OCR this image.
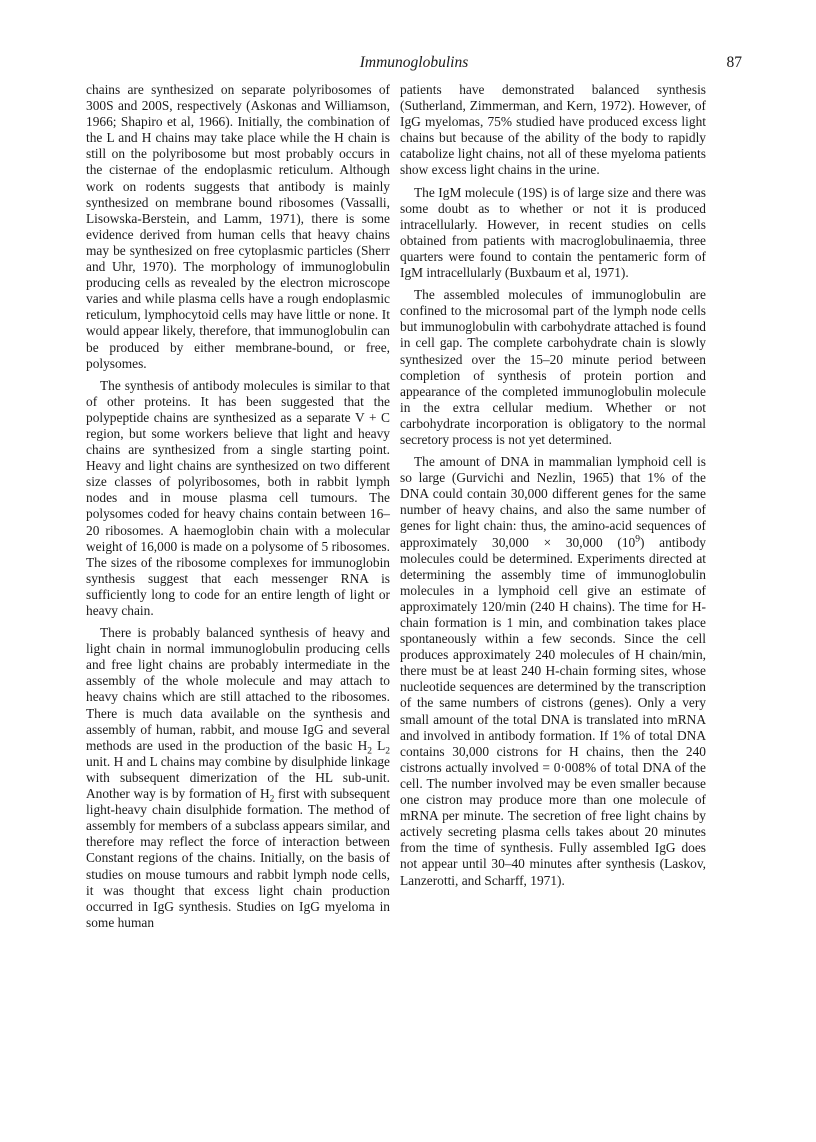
Immunoglobulins	87

chains are synthesized on separate polyribosomes of 300S and 200S, respectively (Askonas and Williamson, 1966; Shapiro et al, 1966). Initially, the combination of the L and H chains may take place while the H chain is still on the polyribosome but most probably occurs in the cisternae of the endoplasmic reticulum. Although work on rodents suggests that antibody is mainly synthesized on membrane bound ribosomes (Vassalli, Lisowska-Berstein, and Lamm, 1971), there is some evidence derived from human cells that heavy chains may be synthesized on free cytoplasmic particles (Sherr and Uhr, 1970). The morphology of immunoglobulin producing cells as revealed by the electron microscope varies and while plasma cells have a rough endoplasmic reticulum, lymphocytoid cells may have little or none. It would appear likely, therefore, that immunoglobulin can be produced by either membrane-bound, or free, polysomes.

The synthesis of antibody molecules is similar to that of other proteins. It has been suggested that the polypeptide chains are synthesized as a separate V + C region, but some workers believe that light and heavy chains are synthesized from a single starting point. Heavy and light chains are synthesized on two different size classes of polyribosomes, both in rabbit lymph nodes and in mouse plasma cell tumours. The polysomes coded for heavy chains contain between 16–20 ribosomes. A haemoglobin chain with a molecular weight of 16,000 is made on a polysome of 5 ribosomes. The sizes of the ribosome complexes for immunoglobin synthesis suggest that each messenger RNA is sufficiently long to code for an entire length of light or heavy chain.

There is probably balanced synthesis of heavy and light chain in normal immunoglobulin producing cells and free light chains are probably intermediate in the assembly of the whole molecule and may attach to heavy chains which are still attached to the ribosomes. There is much data available on the synthesis and assembly of human, rabbit, and mouse IgG and several methods are used in the production of the basic $H_2$ $L_2$ unit. H and L chains may combine by disulphide linkage with subsequent dimerization of the HL sub-unit. Another way is by formation of $H_2$ first with subsequent light-heavy chain disulphide formation. The method of assembly for members of a subclass appears similar, and therefore may reflect the force of interaction between Constant regions of the chains. Initially, on the basis of studies on mouse tumours and rabbit lymph node cells, it was thought that excess light chain production occurred in IgG synthesis. Studies on IgG myeloma in some human

patients have demonstrated balanced synthesis (Sutherland, Zimmerman, and Kern, 1972). However, of IgG myelomas, 75% studied have produced excess light chains but because of the ability of the body to rapidly catabolize light chains, not all of these myeloma patients show excess light chains in the urine.

The IgM molecule (19S) is of large size and there was some doubt as to whether or not it is produced intracellularly. However, in recent studies on cells obtained from patients with macroglobulinaemia, three quarters were found to contain the pentameric form of IgM intracellularly (Buxbaum et al, 1971).

The assembled molecules of immunoglobulin are confined to the microsomal part of the lymph node cells but immunoglobulin with carbohydrate attached is found in cell gap. The complete carbohydrate chain is slowly synthesized over the 15–20 minute period between completion of synthesis of protein portion and appearance of the completed immunoglobulin molecule in the extra cellular medium. Whether or not carbohydrate incorporation is obligatory to the normal secretory process is not yet determined.

The amount of DNA in mammalian lymphoid cell is so large (Gurvichi and Nezlin, 1965) that 1% of the DNA could contain 30,000 different genes for the same number of heavy chains, and also the same number of genes for light chain: thus, the amino-acid sequences of approximately 30,000 × 30,000 $(10^9)$ antibody molecules could be determined. Experiments directed at determining the assembly time of immunoglobulin molecules in a lymphoid cell give an estimate of approximately 120/min (240 H chains). The time for H-chain formation is 1 min, and combination takes place spontaneously within a few seconds. Since the cell produces approximately 240 molecules of H chain/min, there must be at least 240 H-chain forming sites, whose nucleotide sequences are determined by the transcription of the same numbers of cistrons (genes). Only a very small amount of the total DNA is translated into mRNA and involved in antibody formation. If 1% of total DNA contains 30,000 cistrons for H chains, then the 240 cistrons actually involved = 0·008% of total DNA of the cell. The number involved may be even smaller because one cistron may produce more than one molecule of mRNA per minute. The secretion of free light chains by actively secreting plasma cells takes about 20 minutes from the time of synthesis. Fully assembled IgG does not appear until 30–40 minutes after synthesis (Laskov, Lanzerotti, and Scharff, 1971).
